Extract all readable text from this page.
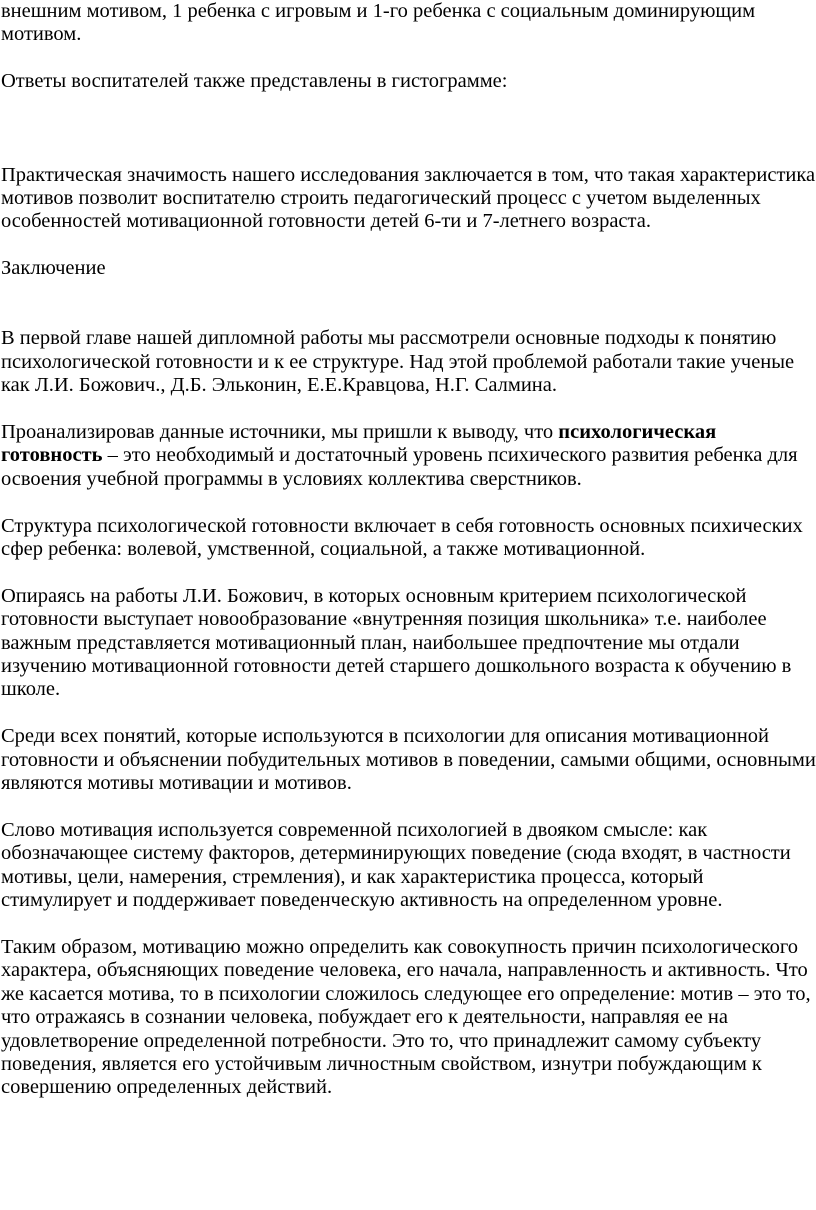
внешним мотивом, 1 ребенка с игровым и 1-го ребенка с социальным доминирующим мотивом.

Ответы воспитателей также представлены в гистограмме:

Практическая значимость нашего исследования заключается в том, что такая характеристика мотивов позволит воспитателю строить педагогический процесс с учетом выделенных особенностей мотивационной готовности детей 6-ти и 7-летнего возраста.

Заключение

В первой главе нашей дипломной работы мы рассмотрели основные подходы к понятию психологической готовности и к ее структуре. Над этой проблемой работали такие ученые как Л.И. Божович., Д.Б. Эльконин, Е.Е.Кравцова, Н.Г. Салмина.

Проанализировав данные источники, мы пришли к выводу, что психологическая готовность – это необходимый и достаточный уровень психического развития ребенка для освоения учебной программы в условиях коллектива сверстников.

Структура психологической готовности включает в себя готовность основных психических сфер ребенка: волевой, умственной, социальной, а также мотивационной.

Опираясь на работы Л.И. Божович, в которых основным критерием психологической готовности выступает новообразование «внутренняя позиция школьника» т.е. наиболее важным представляется мотивационный план, наибольшее предпочтение мы отдали изучению мотивационной готовности детей старшего дошкольного возраста к обучению в школе.

Среди всех понятий, которые используются в психологии для описания мотивационной готовности и объяснении побудительных мотивов в поведении, самыми общими, основными являются мотивы мотивации и мотивов.

Слово мотивация используется современной психологией в двояком смысле: как обозначающее систему факторов, детерминирующих поведение (сюда входят, в частности мотивы, цели, намерения, стремления), и как характеристика процесса, который стимулирует и поддерживает поведенческую активность на определенном уровне.

Таким образом, мотивацию можно определить как совокупность причин психологического характера, объясняющих поведение человека, его начала, направленность и активность. Что же касается мотива, то в психологии сложилось следующее его определение: мотив – это то, что отражаясь в сознании человека, побуждает его к деятельности, направляя ее на удовлетворение определенной потребности. Это то, что принадлежит самому субъекту поведения, является его устойчивым личностным свойством, изнутри побуждающим к совершению определенных действий.
